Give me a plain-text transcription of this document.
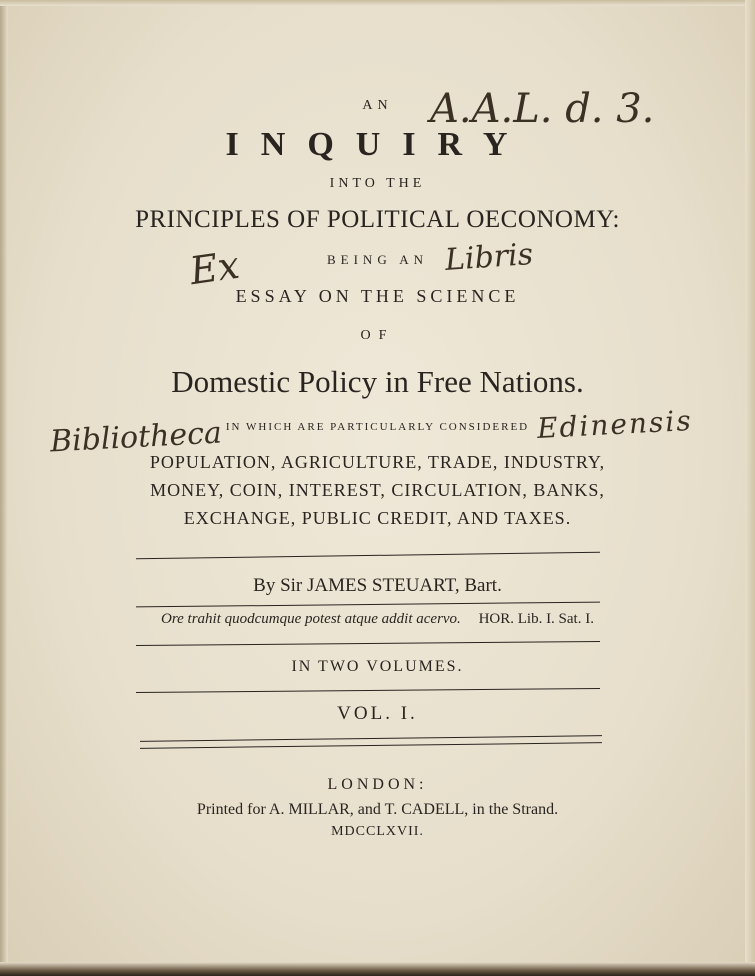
AN
INQUIRY
INTO THE
PRINCIPLES OF POLITICAL OECONOMY:
BEING AN
ESSAY ON THE SCIENCE
OF
Domestic Policy in Free Nations.
IN WHICH ARE PARTICULARLY CONSIDERED
POPULATION, AGRICULTURE, TRADE, INDUSTRY,
MONEY, COIN, INTEREST, CIRCULATION, BANKS,
EXCHANGE, PUBLIC CREDIT, AND TAXES.
By Sir JAMES STEUART, Bart.
Ore trahit quodcumque potest atque addit acervo. HOR. Lib. I. Sat. I.
IN TWO VOLUMES.
VOL. I.
LONDON:
Printed for A. MILLAR, and T. CADELL, in the Strand.
MDCCLXVII.
A.A.L. d. 3.
Ex	Libris
Bibliotheca	Edinensis
